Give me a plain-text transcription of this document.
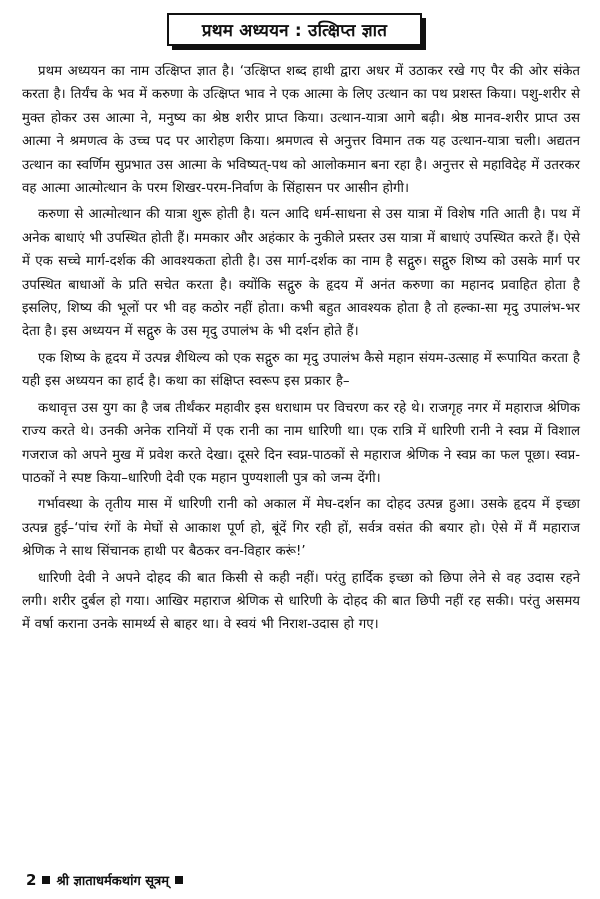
प्रथम अध्ययन : उत्क्षिप्त ज्ञात

प्रथम अध्ययन का नाम उत्क्षिप्त ज्ञात है। ‘उत्क्षिप्त शब्द हाथी द्वारा अधर में उठाकर रखे गए पैर की ओर संकेत करता है। तिर्यंच के भव में करुणा के उत्क्षिप्त भाव ने एक आत्मा के लिए उत्थान का पथ प्रशस्त किया। पशु-शरीर से मुक्त होकर उस आत्मा ने, मनुष्य का श्रेष्ठ शरीर प्राप्त किया। उत्थान-यात्रा आगे बढ़ी। श्रेष्ठ मानव-शरीर प्राप्त उस आत्मा ने श्रमणत्व के उच्च पद पर आरोहण किया। श्रमणत्व से अनुत्तर विमान तक यह उत्थान-यात्रा चली। अद्यतन उत्थान का स्वर्णिम सुप्रभात उस आत्मा के भविष्यत्-पथ को आलोकमान बना रहा है। अनुत्तर से महाविदेह में उतरकर वह आत्मा आत्मोत्थान के परम शिखर-परम-निर्वाण के सिंहासन पर आसीन होगी।

करुणा से आत्मोत्थान की यात्रा शुरू होती है। यत्न आदि धर्म-साधना से उस यात्रा में विशेष गति आती है। पथ में अनेक बाधाएं भी उपस्थित होती हैं। ममकार और अहंकार के नुकीले प्रस्तर उस यात्रा में बाधाएं उपस्थित करते हैं। ऐसे में एक सच्चे मार्ग-दर्शक की आवश्यकता होती है। उस मार्ग-दर्शक का नाम है सद्गुरु। सद्गुरु शिष्य को उसके मार्ग पर उपस्थित बाधाओं के प्रति सचेत करता है। क्योंकि सद्गुरु के हृदय में अनंत करुणा का महानद प्रवाहित होता है इसलिए, शिष्य की भूलों पर भी वह कठोर नहीं होता। कभी बहुत आवश्यक होता है तो हल्का-सा मृदु उपालंभ-भर देता है। इस अध्ययन में सद्गुरु के उस मृदु उपालंभ के भी दर्शन होते हैं।

एक शिष्य के हृदय में उत्पन्न शैथिल्य को एक सद्गुरु का मृदु उपालंभ कैसे महान संयम-उत्साह में रूपायित करता है यही इस अध्ययन का हार्द है। कथा का संक्षिप्त स्वरूप इस प्रकार है–

कथावृत्त उस युग का है जब तीर्थंकर महावीर इस धराधाम पर विचरण कर रहे थे। राजगृह नगर में महाराज श्रेणिक राज्य करते थे। उनकी अनेक रानियों में एक रानी का नाम धारिणी था। एक रात्रि में धारिणी रानी ने स्वप्न में विशाल गजराज को अपने मुख में प्रवेश करते देखा। दूसरे दिन स्वप्न-पाठकों से महाराज श्रेणिक ने स्वप्न का फल पूछा। स्वप्न-पाठकों ने स्पष्ट किया–धारिणी देवी एक महान पुण्यशाली पुत्र को जन्म देंगी।

गर्भावस्था के तृतीय मास में धारिणी रानी को अकाल में मेघ-दर्शन का दोहद उत्पन्न हुआ। उसके हृदय में इच्छा उत्पन्न हुई–‘पांच रंगों के मेघों से आकाश पूर्ण हो, बूंदें गिर रही हों, सर्वत्र वसंत की बयार हो। ऐसे में मैं महाराज श्रेणिक ने साथ सिंचानक हाथी पर बैठकर वन-विहार करूं!’

धारिणी देवी ने अपने दोहद की बात किसी से कही नहीं। परंतु हार्दिक इच्छा को छिपा लेने से वह उदास रहने लगी। शरीर दुर्बल हो गया। आखिर महाराज श्रेणिक से धारिणी के दोहद की बात छिपी नहीं रह सकी। परंतु असमय में वर्षा कराना उनके सामर्थ्य से बाहर था। वे स्वयं भी निराश-उदास हो गए।

2 श्री ज्ञाताधर्मकथांग सूत्रम्
